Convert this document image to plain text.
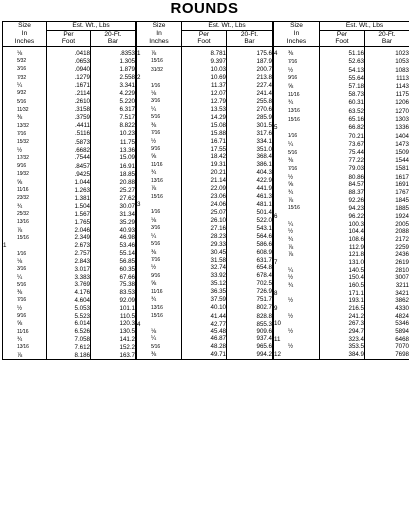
ROUNDS
Size	Est. Wt., Lbs	
In
Inches	Per
Foot	20-Ft.
Bar

⅛	.0418	.8353
5⁄32	.0653	1.305
3⁄16	.0940	1.879
7⁄32	.1279	2.558
¼	.1671	3.341
9⁄32	.2114	4.229
5⁄16	.2610	5.220
11⁄32	.3158	6.317
⅜	.3759	7.517
13⁄32	.4411	8.822
7⁄16	.5116	10.23
15⁄32	.5873	11.75
½	.6682	13.36
17⁄32	.7544	15.09
9⁄16	.8457	16.91
19⁄32	.9425	18.85
⅝	1.044	20.88
11⁄16	1.263	25.27
23⁄32	1.381	27.62
¾	1.504	30.07
25⁄32	1.567	31.34
13⁄16	1.765	35.29
⅞	2.046	40.93
15⁄16	2.349	46.98
1	2.673	53.46
1⁄16	2.757	55.14
⅛	2.843	56.85
3⁄16	3.017	60.35
¼	3.383	67.66
5⁄16	3.769	75.38
⅜	4.176	83.53
7⁄16	4.604	92.09
½	5.053	101.1
9⁄16	5.523	110.5
⅝	6.014	120.3
11⁄16	6.526	130.5
¾	7.058	141.2
13⁄16	7.612	152.2
⅞	8.186	163.7
Size	Est. Wt., Lbs	
In
Inches	Per
Foot	20-Ft.
Bar

1 ⅞	8.781	175.6
15⁄16	9.397	187.9
31⁄32	10.03	200.7
2	10.69	213.8
1⁄16	11.37	227.4
⅛	12.07	241.4
3⁄16	12.79	255.8
¼	13.53	270.6
5⁄16	14.29	285.9
⅜	15.08	301.5
7⁄16	15.88	317.6
½	16.71	334.1
9⁄16	17.55	351.0
⅝	18.42	368.4
11⁄16	19.31	386.1
¾	20.21	404.3
13⁄16	21.14	422.9
⅞	22.09	441.9
15⁄16	23.06	461.3
3	24.06	481.1
1⁄16	25.07	501.4
⅛	26.10	522.0
3⁄16	27.16	543.1
¼	28.23	564.6
5⁄16	29.33	586.6
⅜	30.45	608.9
7⁄16	31.58	631.7
½	32.74	654.8
9⁄16	33.92	678.4
⅝	35.12	702.5
11⁄16	36.35	726.9
¾	37.59	751.7
13⁄16	40.10	802.7
15⁄16	41.44	828.8
4	42.77	855.3
⅛	45.48	909.6
¼	46.87	937.4
5⁄16	48.28	965.6
⅜	49.71	994.2
Size	Est. Wt., Lbs	
In
Inches	Per
Foot	20-Ft.
Bar

4 ⅜	51.16	1023
7⁄16	52.63	1053
½	54.13	1083
9⁄16	55.64	1113
⅝	57.18	1143
11⁄16	58.73	1175
¾	60.31	1206
13⁄16	63.52	1270
15⁄16	65.16	1303
5	66.82	1336
1⁄16	70.21	1404
¼	73.67	1473
5⁄16	75.44	1509
⅜	77.22	1544
7⁄16	79.03	1581
½	80.86	1617
⅝	84.57	1691
¾	88.37	1767
⅞	92.26	1845
15⁄16	94.23	1885
6	96.22	1924
¼	100.3	2005
½	104.4	2088
¾	108.6	2172
⅞	112.9	2259
⅞	121.8	2436
7	131.0	2619
¼	140.5	2810
½	150.4	3007
¾	160.5	3211
8	171.1	3421
½	193.1	3862
9	216.5	4330
½	241.2	4824
10	267.3	5346
½	294.7	5894
11	323.4	6468
½	353.5	7070
12	384.9	7698
